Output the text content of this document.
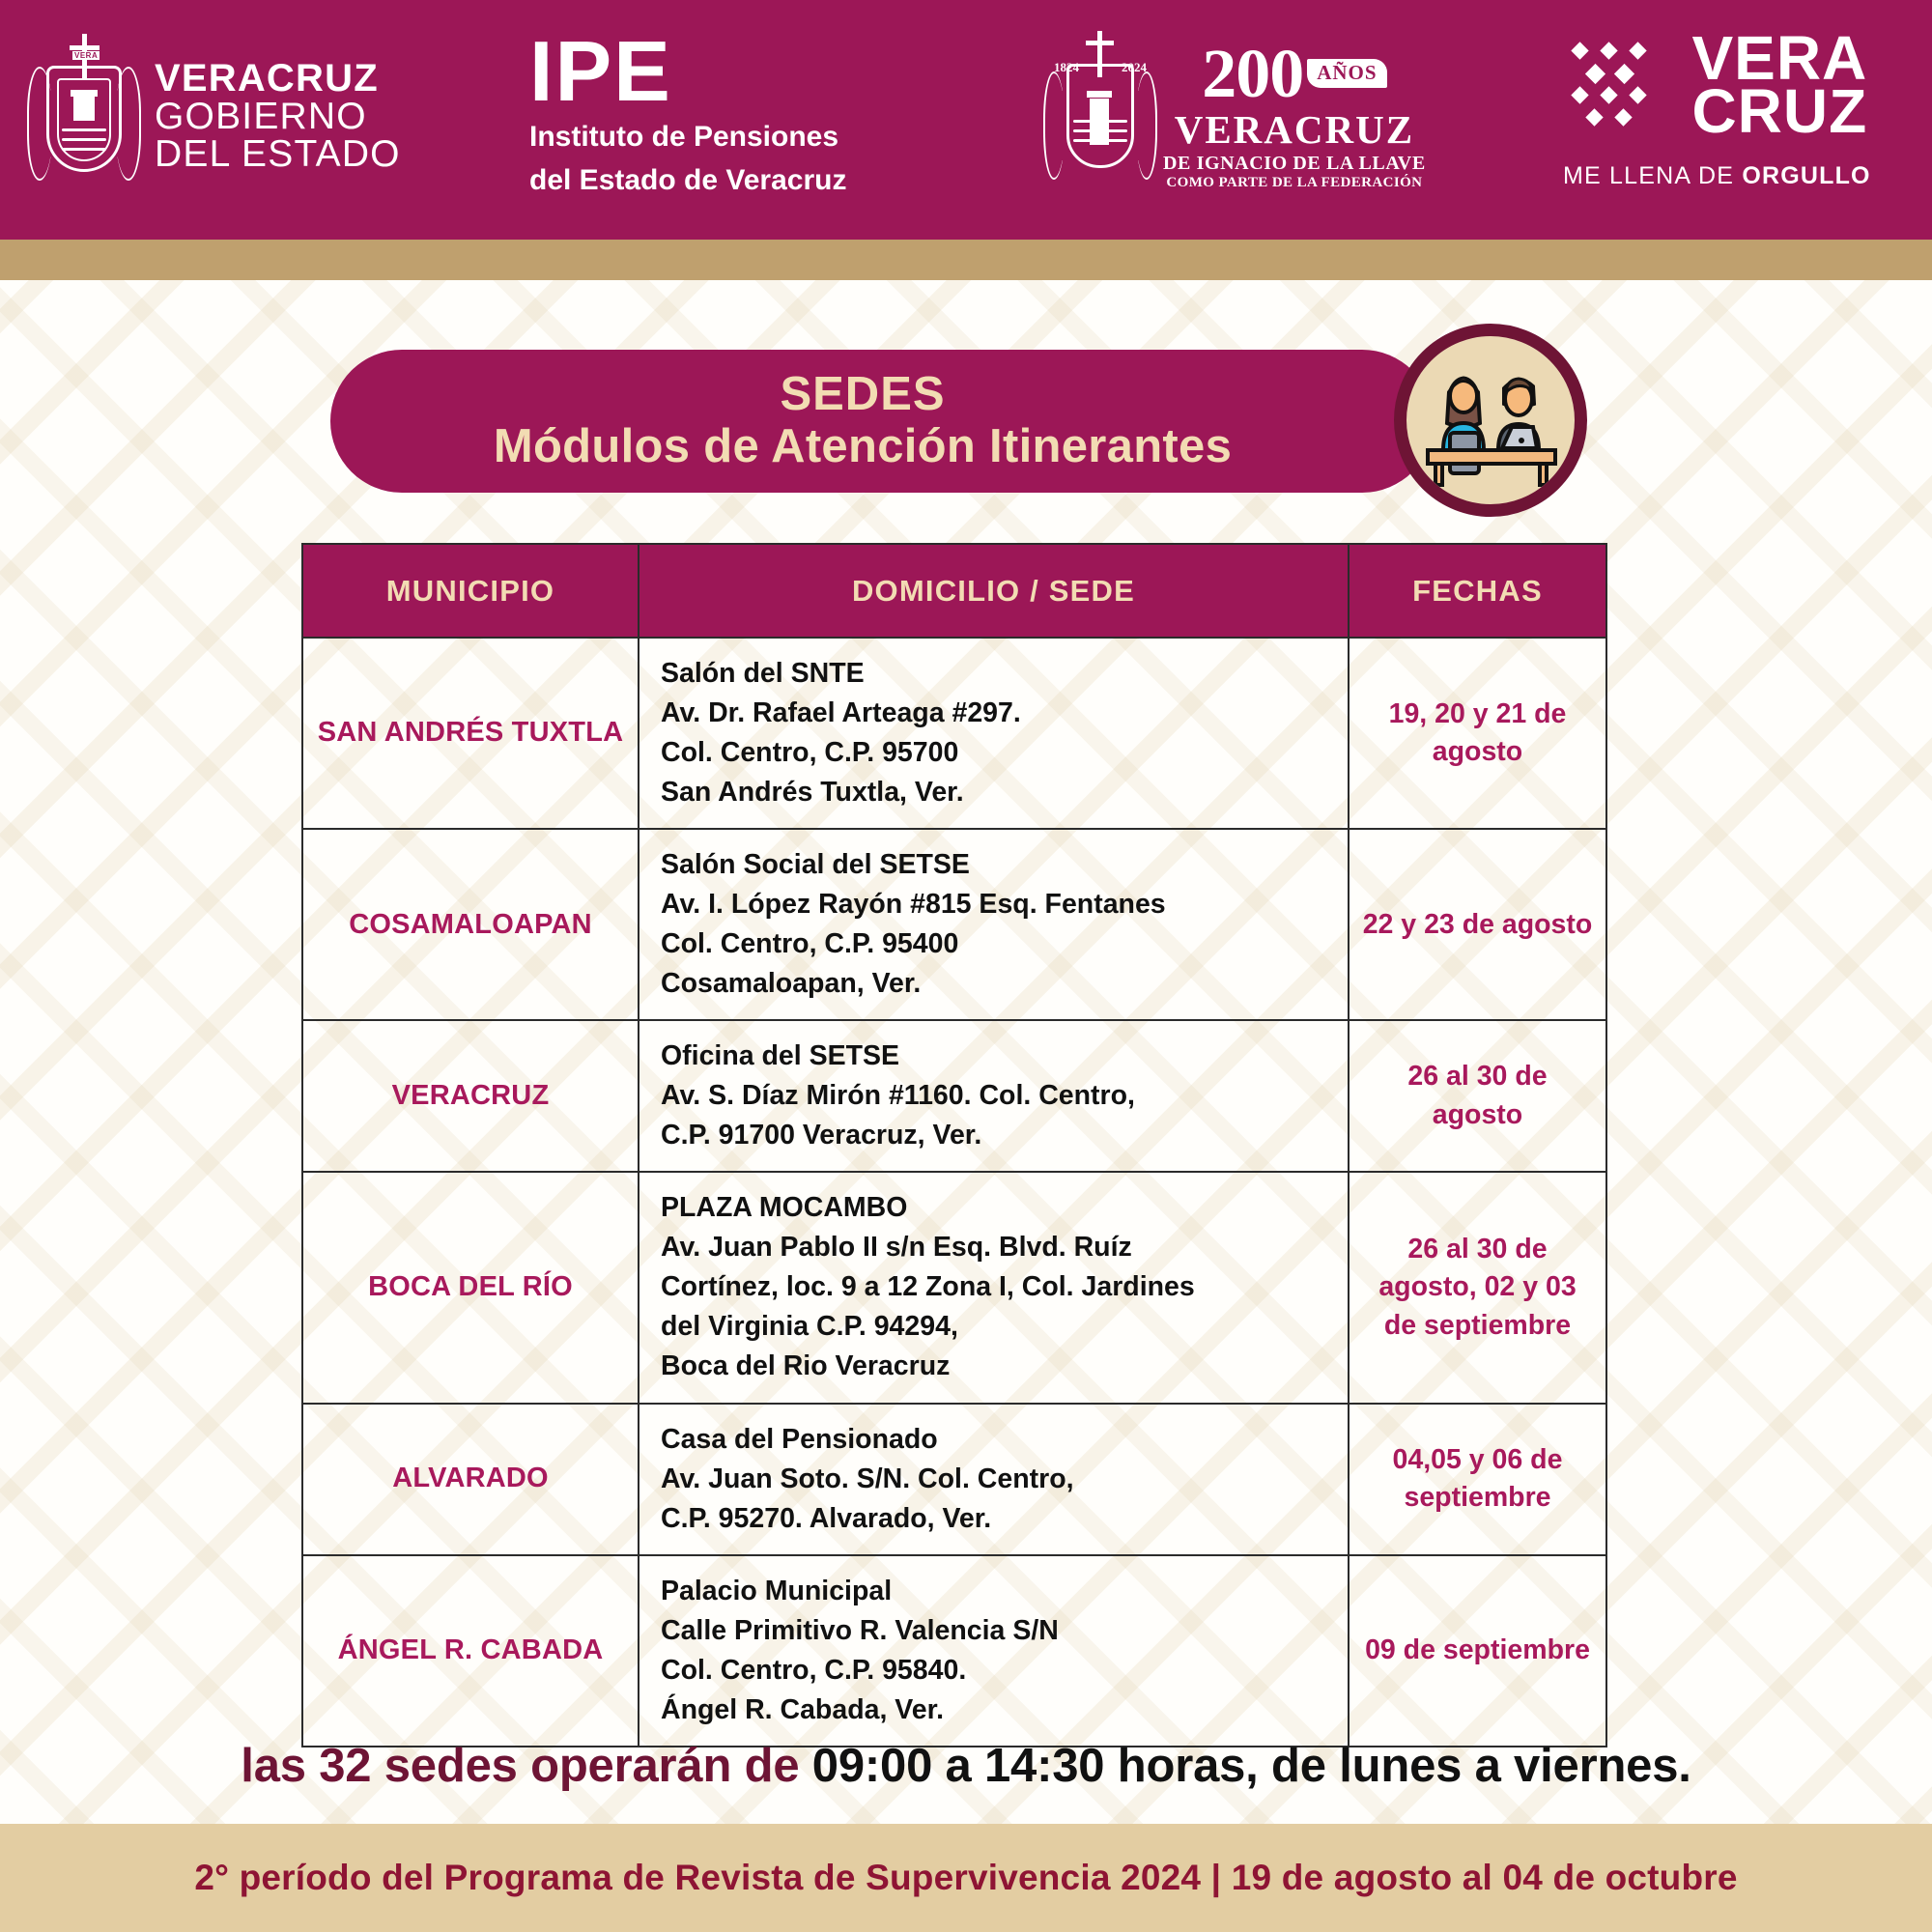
VERA
VERACRUZ
GOBIERNO
DEL ESTADO
IPE
Instituto de Pensiones
del Estado de Veracruz
1824	2024 200 AÑOS
VERACRUZ
DE IGNACIO DE LA LLAVE
COMO PARTE DE LA FEDERACIÓN
VERA
CRUZ
ME LLENA DE ORGULLO
SEDES
Módulos de Atención Itinerantes
MUNICIPIO	DOMICILIO / SEDE	FECHAS
SAN ANDRÉS TUXTLA	Salón del SNTE
Av. Dr. Rafael Arteaga #297.
Col. Centro, C.P. 95700
San Andrés Tuxtla, Ver.	19, 20 y 21 de agosto
COSAMALOAPAN	Salón Social del SETSE
Av. I. López Rayón #815 Esq. Fentanes
Col. Centro, C.P. 95400
Cosamaloapan, Ver.	22 y 23 de agosto
VERACRUZ	Oficina del SETSE
Av. S. Díaz Mirón #1160. Col. Centro,
C.P. 91700 Veracruz, Ver.	26 al 30 de agosto
BOCA DEL RÍO	PLAZA MOCAMBO
Av. Juan Pablo II s/n Esq. Blvd. Ruíz
Cortínez, loc. 9 a 12 Zona I, Col. Jardines
del Virginia C.P. 94294,
Boca del Rio Veracruz	26 al 30 de agosto, 02 y 03 de septiembre
ALVARADO	Casa del Pensionado
Av. Juan Soto. S/N. Col. Centro,
C.P. 95270. Alvarado, Ver.	04,05 y 06 de septiembre
ÁNGEL R. CABADA	Palacio Municipal
Calle Primitivo R. Valencia S/N
Col. Centro, C.P. 95840.
Ángel R. Cabada, Ver.	09 de septiembre
las 32 sedes operarán de 09:00 a 14:30 horas, de lunes a viernes.
2° período del Programa de Revista de Supervivencia 2024 | 19 de agosto al 04 de octubre
